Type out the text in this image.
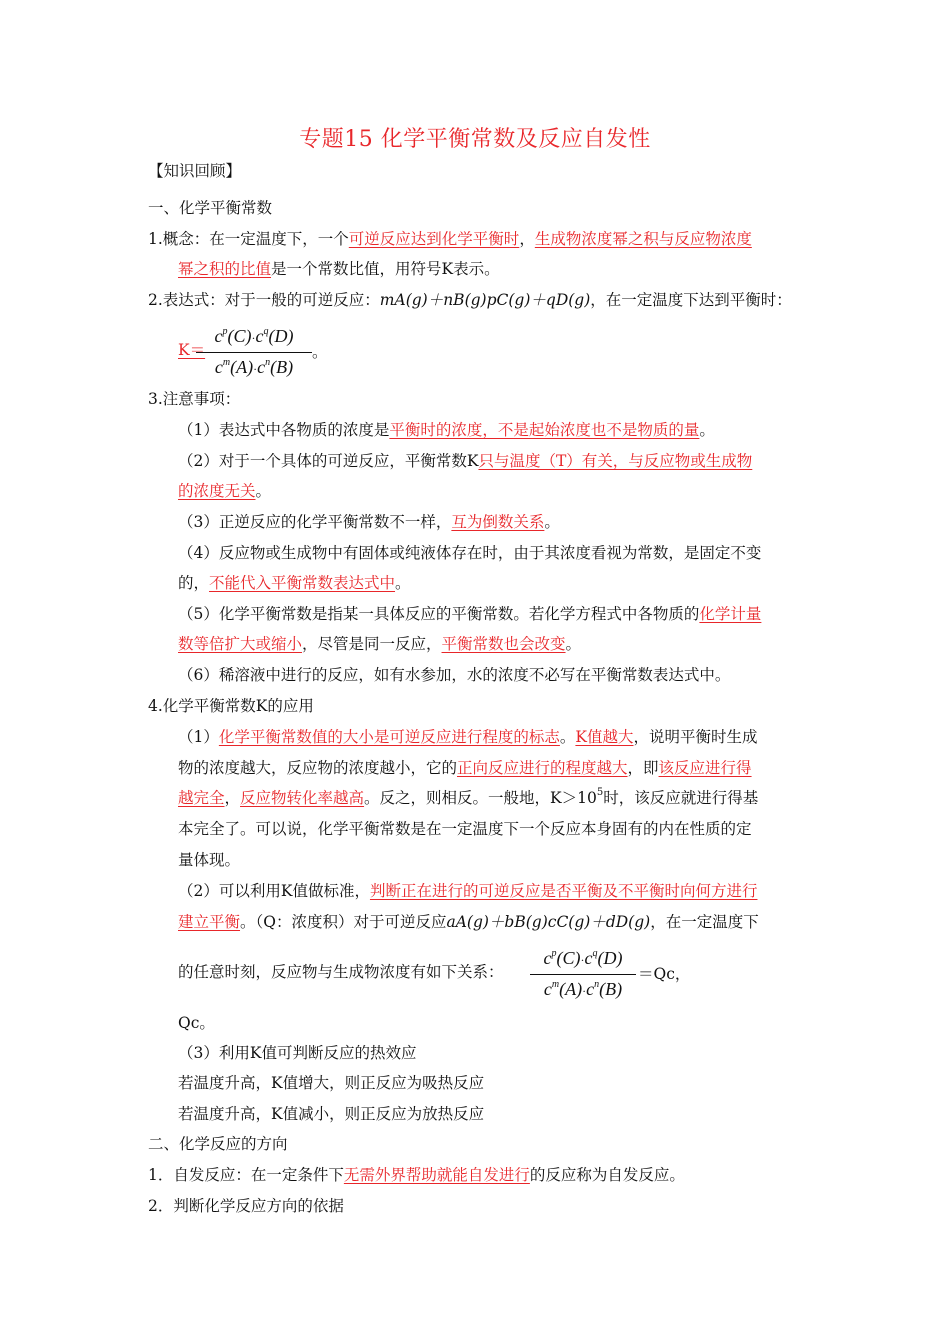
专题15 化学平衡常数及反应自发性
【知识回顾】
一、化学平衡常数
1.概念：在一定温度下，一个可逆反应达到化学平衡时，生成物浓度幂之积与反应物浓度
幂之积的比值是一个常数比值，用符号K表示。
2.表达式：对于一般的可逆反应：mA(g)＋nB(g)pC(g)＋qD(g)，在一定温度下达到平衡时：
K＝
$\frac{c^p(C)\cdot c^q(D)}{c^m(A)\cdot c^n(B)}$ 。
3.注意事项：
（1）表达式中各物质的浓度是平衡时的浓度，不是起始浓度也不是物质的量。
（2）对于一个具体的可逆反应，平衡常数K只与温度（T）有关，与反应物或生成物
的浓度无关。
（3）正逆反应的化学平衡常数不一样，互为倒数关系。
（4）反应物或生成物中有固体或纯液体存在时，由于其浓度看视为常数，是固定不变
的，不能代入平衡常数表达式中。
（5）化学平衡常数是指某一具体反应的平衡常数。若化学方程式中各物质的化学计量
数等倍扩大或缩小，尽管是同一反应，平衡常数也会改变。
（6）稀溶液中进行的反应，如有水参加，水的浓度不必写在平衡常数表达式中。
4.化学平衡常数K的应用
（1）化学平衡常数值的大小是可逆反应进行程度的标志。K值越大，说明平衡时生成
物的浓度越大，反应物的浓度越小，它的正向反应进行的程度越大，即该反应进行得
越完全，反应物转化率越高。反之，则相反。一般地，$K>10^5$时，该反应就进行得基
本完全了。可以说，化学平衡常数是在一定温度下一个反应本身固有的内在性质的定
量体现。
（2）可以利用K值做标准，判断正在进行的可逆反应是否平衡及不平衡时向何方进行
建立平衡。（Q：浓度积）对于可逆反应aA(g)＋bB(g)cC(g)＋dD(g)，在一定温度下
的任意时刻，反应物与生成物浓度有如下关系： $\frac{c^p(C)\cdot c^q(D)}{c^m(A)\cdot c^n(B)} =Qc$，
Qc。
（3）利用K值可判断反应的热效应
若温度升高，K值增大，则正反应为吸热反应
若温度升高，K值减小，则正反应为放热反应
二、化学反应的方向
1．自发反应：在一定条件下无需外界帮助就能自发进行的反应称为自发反应。
2．判断化学反应方向的依据
